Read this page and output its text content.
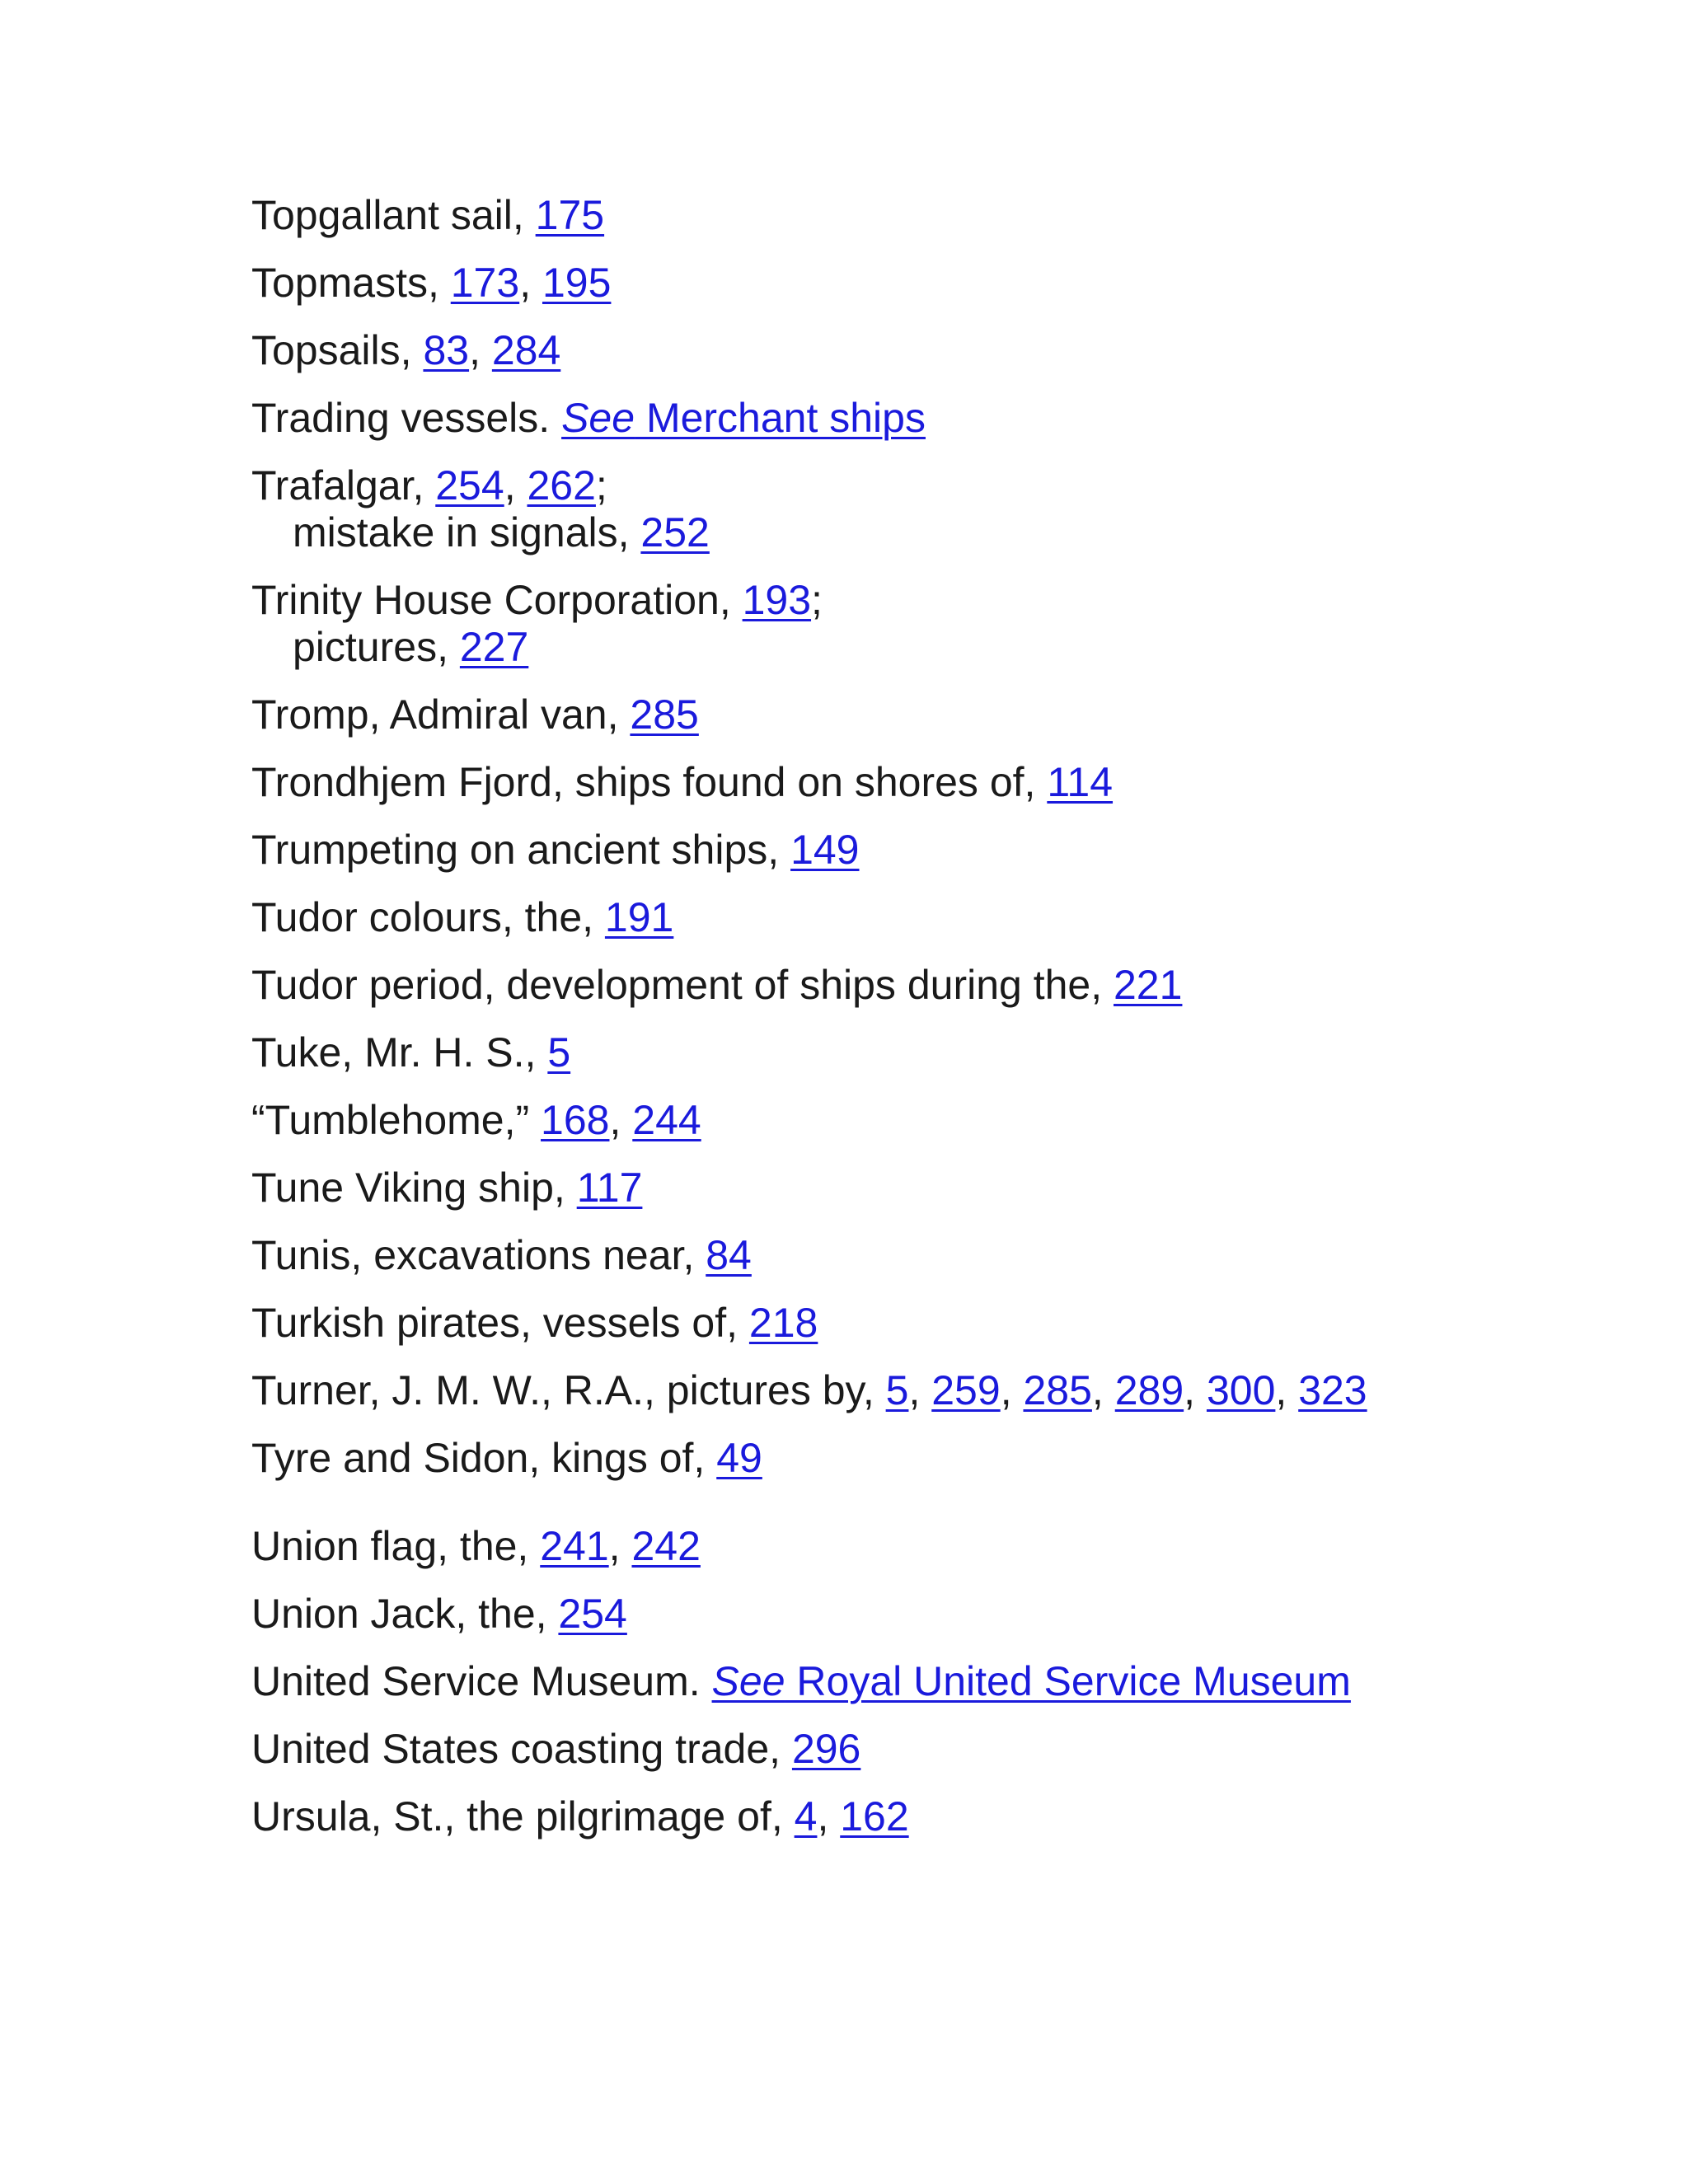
Topgallant sail, 175
Topmasts, 173, 195
Topsails, 83, 284
Trading vessels. See Merchant ships
Trafalgar, 254, 262;
mistake in signals, 252
Trinity House Corporation, 193;
pictures, 227
Tromp, Admiral van, 285
Trondhjem Fjord, ships found on shores of, 114
Trumpeting on ancient ships, 149
Tudor colours, the, 191
Tudor period, development of ships during the, 221
Tuke, Mr. H. S., 5
“Tumblehome,” 168, 244
Tune Viking ship, 117
Tunis, excavations near, 84
Turkish pirates, vessels of, 218
Turner, J. M. W., R.A., pictures by, 5, 259, 285, 289, 300, 323
Tyre and Sidon, kings of, 49
Union flag, the, 241, 242
Union Jack, the, 254
United Service Museum. See Royal United Service Museum
United States coasting trade, 296
Ursula, St., the pilgrimage of, 4, 162
